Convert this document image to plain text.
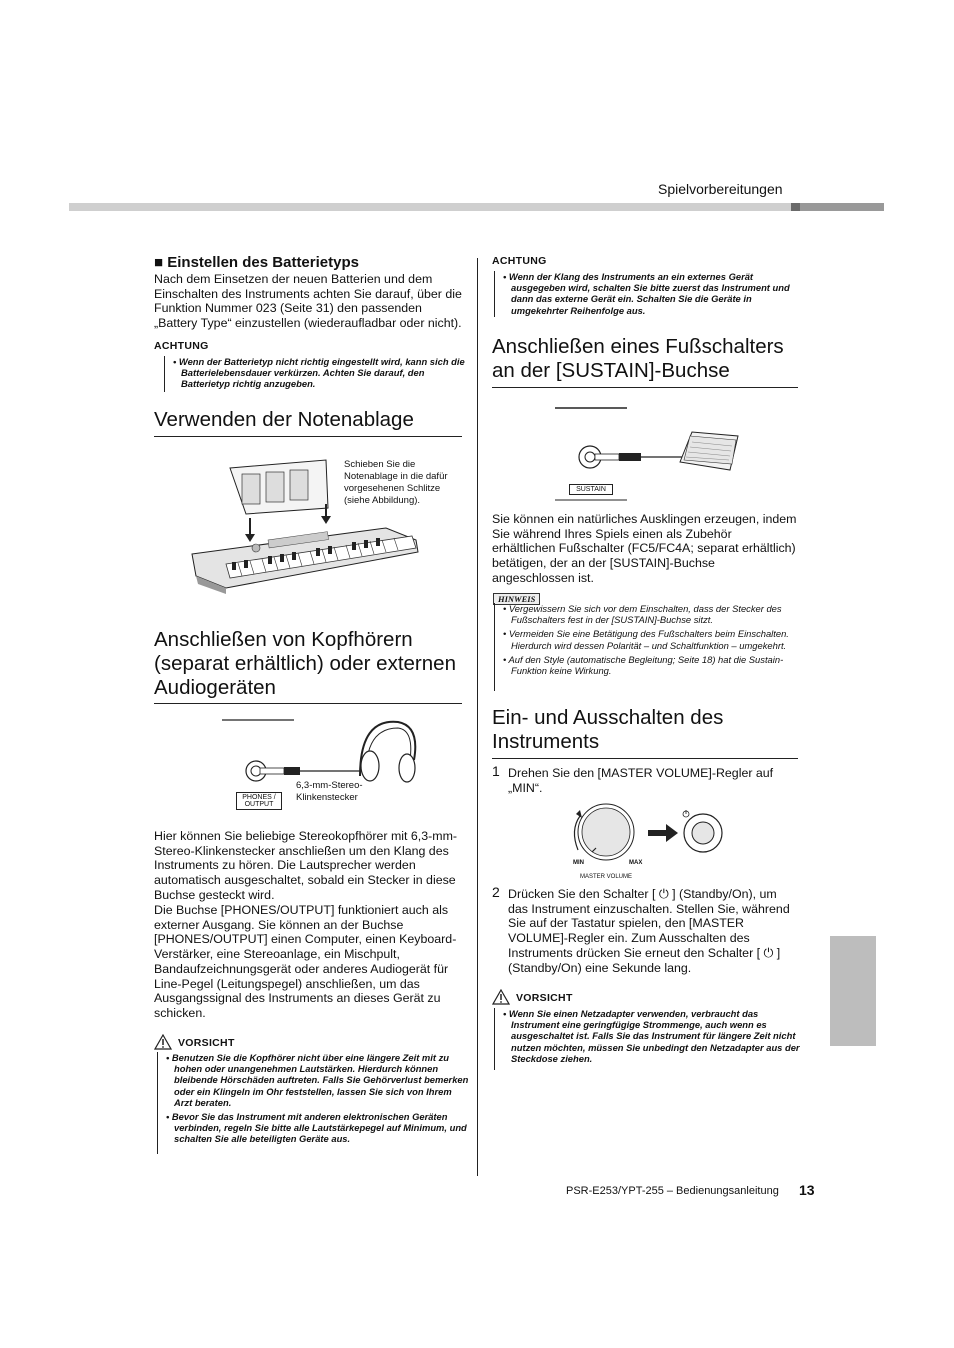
Spielvorbereitungen
■ Einstellen des Batterietyps
Nach dem Einsetzen der neuen Batterien und dem Einschalten des Instruments achten Sie darauf, über die Funktion Nummer 023 (Seite 31) den passenden „Battery Type“ einzustellen (wiederaufladbar oder nicht).
ACHTUNG
• Wenn der Batterietyp nicht richtig eingestellt wird, kann sich die Batterielebensdauer verkürzen. Achten Sie darauf, den Batterietyp richtig anzugeben.
Verwenden der Notenablage
Schieben Sie die Notenablage in die dafür vorgesehenen Schlitze (siehe Abbildung).
Anschließen von Kopfhörern (separat erhältlich) oder externen Audiogeräten
PHONES /
OUTPUT
6,3-mm-Stereo-Klinkenstecker
Hier können Sie beliebige Stereokopfhörer mit 6,3-mm-Stereo-Klinkenstecker anschließen um den Klang des Instruments zu hören. Die Lautsprecher werden automatisch ausgeschaltet, sobald ein Stecker in diese Buchse gesteckt wird.
Die Buchse [PHONES/OUTPUT] funktioniert auch als externer Ausgang. Sie können an der Buchse [PHONES/OUTPUT] einen Computer, einen Keyboard-Verstärker, eine Stereoanlage, ein Mischpult, Bandaufzeichnungsgerät oder anderes Audiogerät für Line-Pegel (Leitungspegel) anschließen, um das Ausgangssignal des Instruments an dieses Gerät zu schicken.
VORSICHT
• Benutzen Sie die Kopfhörer nicht über eine längere Zeit mit zu hohen oder unangenehmen Lautstärken. Hierdurch können bleibende Hörschäden auftreten. Falls Sie Gehörverlust bemerken oder ein Klingeln im Ohr feststellen, lassen Sie sich von Ihrem Arzt beraten.
• Bevor Sie das Instrument mit anderen elektronischen Geräten verbinden, regeln Sie bitte alle Lautstärkepegel auf Minimum, und schalten Sie alle beteiligten Geräte aus.
ACHTUNG
• Wenn der Klang des Instruments an ein externes Gerät ausgegeben wird, schalten Sie bitte zuerst das Instrument und dann das externe Gerät ein. Schalten Sie die Geräte in umgekehrter Reihenfolge aus.
Anschließen eines Fußschalters an der [SUSTAIN]-Buchse
SUSTAIN
Sie können ein natürliches Ausklingen erzeugen, indem Sie während Ihres Spiels einen als Zubehör erhältlichen Fußschalter (FC5/FC4A; separat erhältlich) betätigen, der an der [SUSTAIN]-Buchse angeschlossen ist.
HINWEIS
• Vergewissern Sie sich vor dem Einschalten, dass der Stecker des Fußschalters fest in der [SUSTAIN]-Buchse sitzt.
• Vermeiden Sie eine Betätigung des Fußschalters beim Einschalten. Hierdurch wird dessen Polarität – und Schaltfunktion – umgekehrt.
• Auf den Style (automatische Begleitung; Seite 18) hat die Sustain-Funktion keine Wirkung.
Ein- und Ausschalten des Instruments
1 Drehen Sie den [MASTER VOLUME]-Regler auf „MIN“.
MIN	MAX
MASTER VOLUME
2 Drücken Sie den Schalter [ ⏻ ] (Standby/On), um das Instrument einzuschalten. Stellen Sie, während Sie auf der Tastatur spielen, den [MASTER VOLUME]-Regler ein. Zum Ausschalten des Instruments drücken Sie erneut den Schalter [ ⏻ ] (Standby/On) eine Sekunde lang.
VORSICHT
• Wenn Sie einen Netzadapter verwenden, verbraucht das Instrument eine geringfügige Strommenge, auch wenn es ausgeschaltet ist. Falls Sie das Instrument für längere Zeit nicht nutzen möchten, müssen Sie unbedingt den Netzadapter aus der Steckdose ziehen.
PSR-E253/YPT-255 – Bedienungsanleitung 13
